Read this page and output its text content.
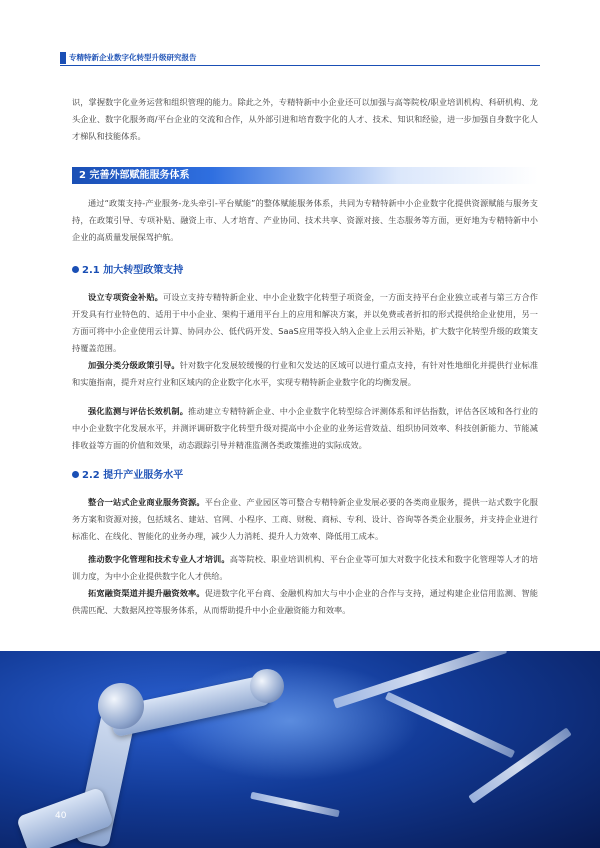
专精特新企业数字化转型升级研究报告

识，掌握数字化业务运营和组织管理的能力。除此之外，专精特新中小企业还可以加强与高等院校/职业培训机构、科研机构、龙头企业、数字化服务商/平台企业的交流和合作，从外部引进和培育数字化的人才、技术、知识和经验，进一步加强自身数字化人才梯队和技能体系。

通过“政策支持-产业服务-龙头牵引-平台赋能”的整体赋能服务体系，共同为专精特新中小企业数字化提供资源赋能与服务支持，在政策引导、专项补贴、融资上市、人才培育、产业协同、技术共享、资源对接、生态服务等方面，更好地为专精特新中小企业的高质量发展保驾护航。

设立专项资金补贴。可设立支持专精特新企业、中小企业数字化转型子项资金，一方面支持平台企业独立或者与第三方合作开发具有行业特色的、适用于中小企业、架构于通用平台上的应用和解决方案，并以免费或者折扣的形式提供给企业使用，另一方面可将中小企业使用云计算、协同办公、低代码开发、SaaS应用等投入纳入企业上云用云补贴，扩大数字化转型升级的政策支持覆盖范围。

加强分类分级政策引导。针对数字化发展较缓慢的行业和欠发达的区域可以进行重点支持，有针对性地细化并提供行业标准和实施指南，提升对应行业和区域内的企业数字化水平，实现专精特新企业数字化的均衡发展。

强化监测与评估长效机制。推动建立专精特新企业、中小企业数字化转型综合评测体系和评估指数，评估各区域和各行业的中小企业数字化发展水平，并测评调研数字化转型升级对提高中小企业的业务运营效益、组织协同效率、科技创新能力、节能减排收益等方面的价值和效果，动态跟踪引导并精准监测各类政策推进的实际成效。

整合一站式企业商业服务资源。平台企业、产业园区等可整合专精特新企业发展必要的各类商业服务，提供一站式数字化服务方案和资源对接，包括域名、建站、官网、小程序、工商、财税、商标、专利、设计、咨询等各类企业服务，并支持企业进行标准化、在线化、智能化的业务办理，减少人力消耗、提升人力效率、降低用工成本。

推动数字化管理和技术专业人才培训。高等院校、职业培训机构、平台企业等可加大对数字化技术和数字化管理等人才的培训力度，为中小企业提供数字化人才供给。

拓宽融资渠道并提升融资效率。促进数字化平台商、金融机构加大与中小企业的合作与支持，通过构建企业信用监测、智能供需匹配、大数据风控等服务体系，从而帮助提升中小企业融资能力和效率。

2 完善外部赋能服务体系
2.1 加大转型政策支持
2.2 提升产业服务水平
40
